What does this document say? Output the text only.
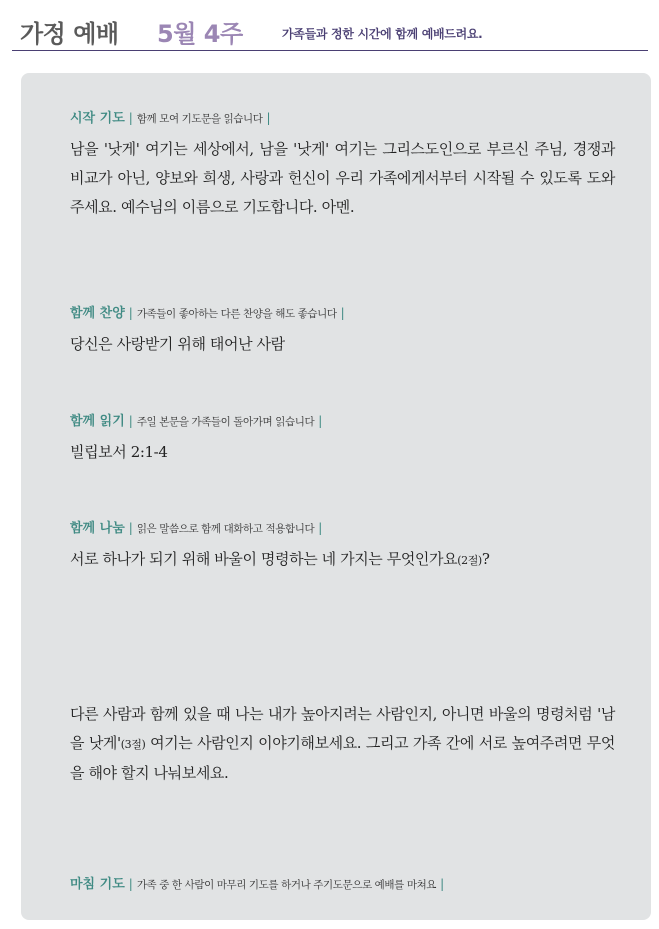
가정 예배 5월 4주	가족들과 정한 시간에 함께 예배드려요.
시작 기도 | 함께 모여 기도문을 읽습니다 |
남을 '낫게' 여기는 세상에서, 남을 '낫게' 여기는 그리스도인으로 부르신 주님, 경쟁과 비교가 아닌, 양보와 희생, 사랑과 헌신이 우리 가족에게서부터 시작될 수 있도록 도와주세요. 예수님의 이름으로 기도합니다. 아멘.
함께 찬양 | 가족들이 좋아하는 다른 찬양을 해도 좋습니다 |
당신은 사랑받기 위해 태어난 사람
함께 읽기 | 주일 본문을 가족들이 돌아가며 읽습니다 |
빌립보서 2:1-4
함께 나눔 | 읽은 말씀으로 함께 대화하고 적용합니다 |
서로 하나가 되기 위해 바울이 명령하는 네 가지는 무엇인가요(2절)?
다른 사람과 함께 있을 때 나는 내가 높아지려는 사람인지, 아니면 바울의 명령처럼 '남을 낫게'(3절) 여기는 사람인지 이야기해보세요. 그리고 가족 간에 서로 높여주려면 무엇을 해야 할지 나눠보세요.
마침 기도 | 가족 중 한 사람이 마무리 기도를 하거나 주기도문으로 예배를 마쳐요 |
